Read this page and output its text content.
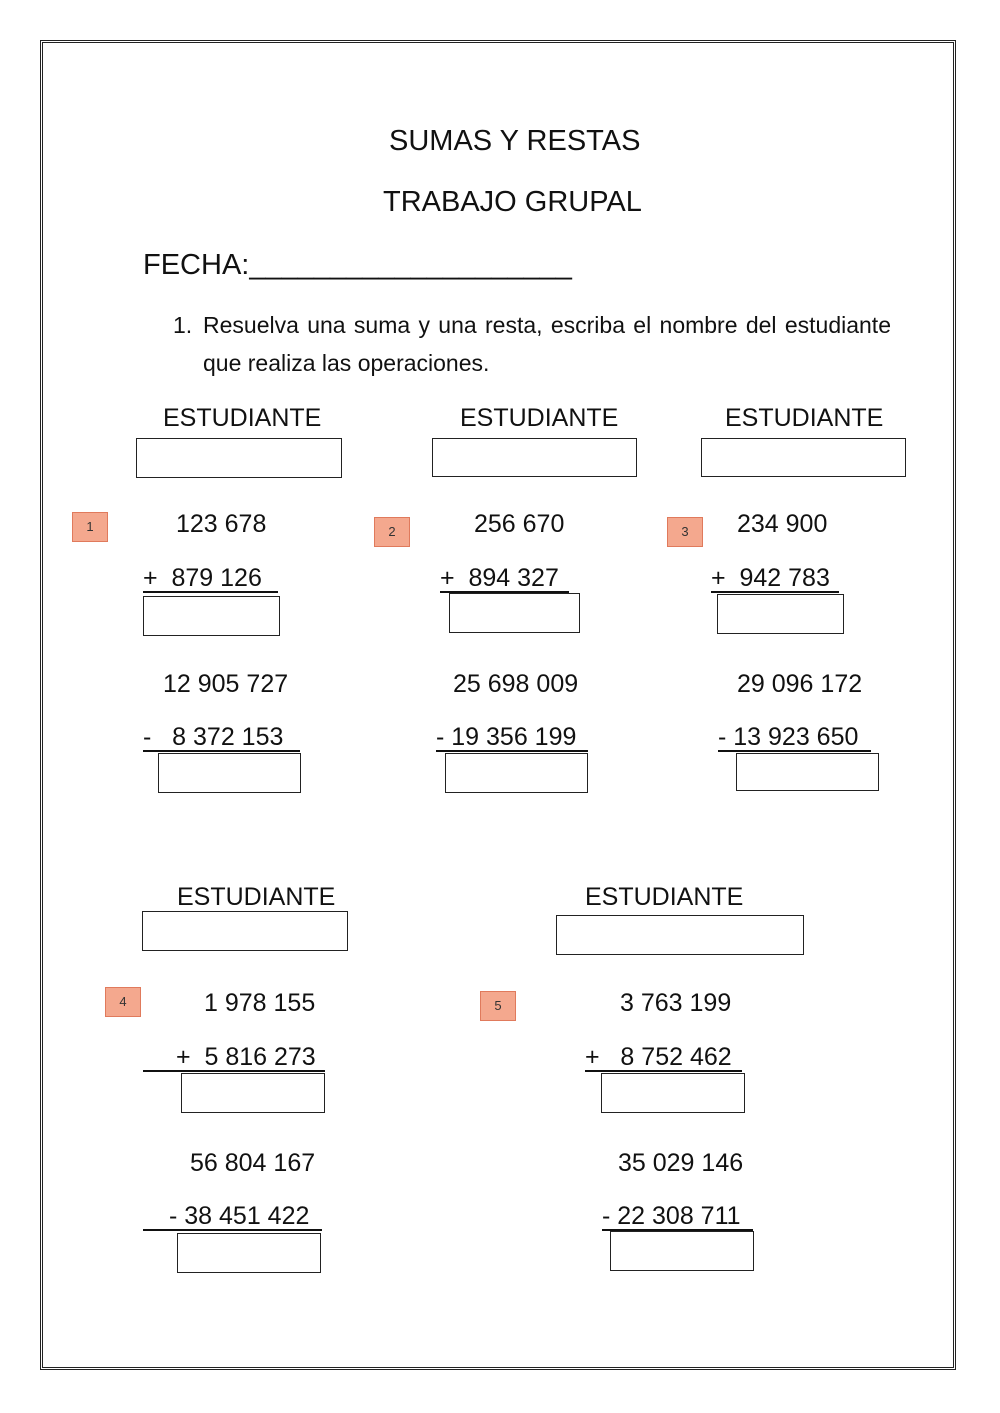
SUMAS Y RESTAS
TRABAJO GRUPAL
FECHA:____________________
1. Resuelva una suma y una resta, escriba el nombre del estudiante que realiza las operaciones.
ESTUDIANTE
1	123 678
+  879 126
12 905 727
-   8 372 153
ESTUDIANTE
2	256 670
+  894 327
25 698 009
- 19 356 199
ESTUDIANTE
3	234 900
+  942 783
29 096 172
- 13 923 650
ESTUDIANTE
4	1 978 155
+  5 816 273
56 804 167
- 38 451 422
ESTUDIANTE
5	3 763 199
+   8 752 462
35 029 146
- 22 308 711
